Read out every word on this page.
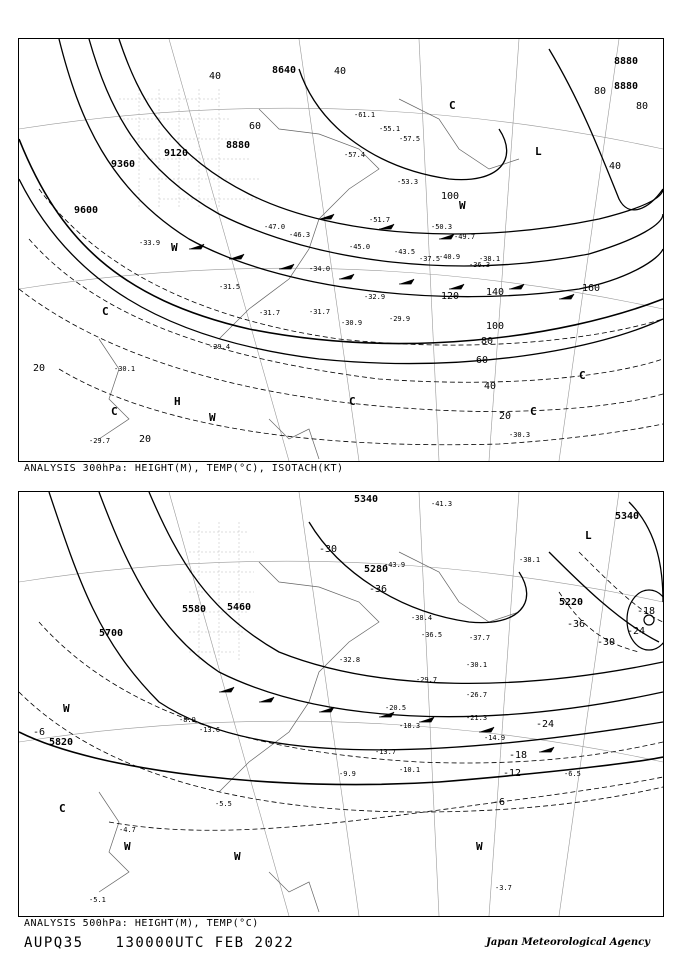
8880
9360
9600
8640
8880
9120
8880
100
120	140	160
100
80
60
40
20
20
40
60
80
80
40
20
40
-61.1
-55.1
-57.5
-53.3
-51.7
-50.3
-49.7
-47.0
-46.3
-45.0
-43.5
-40.9	-38.1
-34.0
-37.5
-36.3
-32.9
-31.7
-30.9	-29.9
-31.7
-30.1
-29.4
-30.3
-29.7
-33.9
-31.5
-57.4
H
L
W
W
C
C
C
C
C
W
C
ANALYSIS 300hPa: HEIGHT(M), TEMP(°C), ISOTACH(KT)
5340
5220
5580
5700
5820
5460
5280
5340
-36
-30
-24
-18
-12
-6
-6
-18
-24
-30
-36
-41.3
-43.9
-38.4
-36.5
-32.8
-30.1
-26.7
-21.3
-14.9
-13.7
-10.1
-9.9	-6.5
-5.5
-3.7
-4.7
-5.1
-37.7
-38.1
-29.7
-20.5
-18.3
-13.6
-8.9
L
W
W
W
W
C
ANALYSIS 500hPa: HEIGHT(M), TEMP(°C)
AUPQ35 130000UTC FEB 2022	Japan Meteorological Agency
